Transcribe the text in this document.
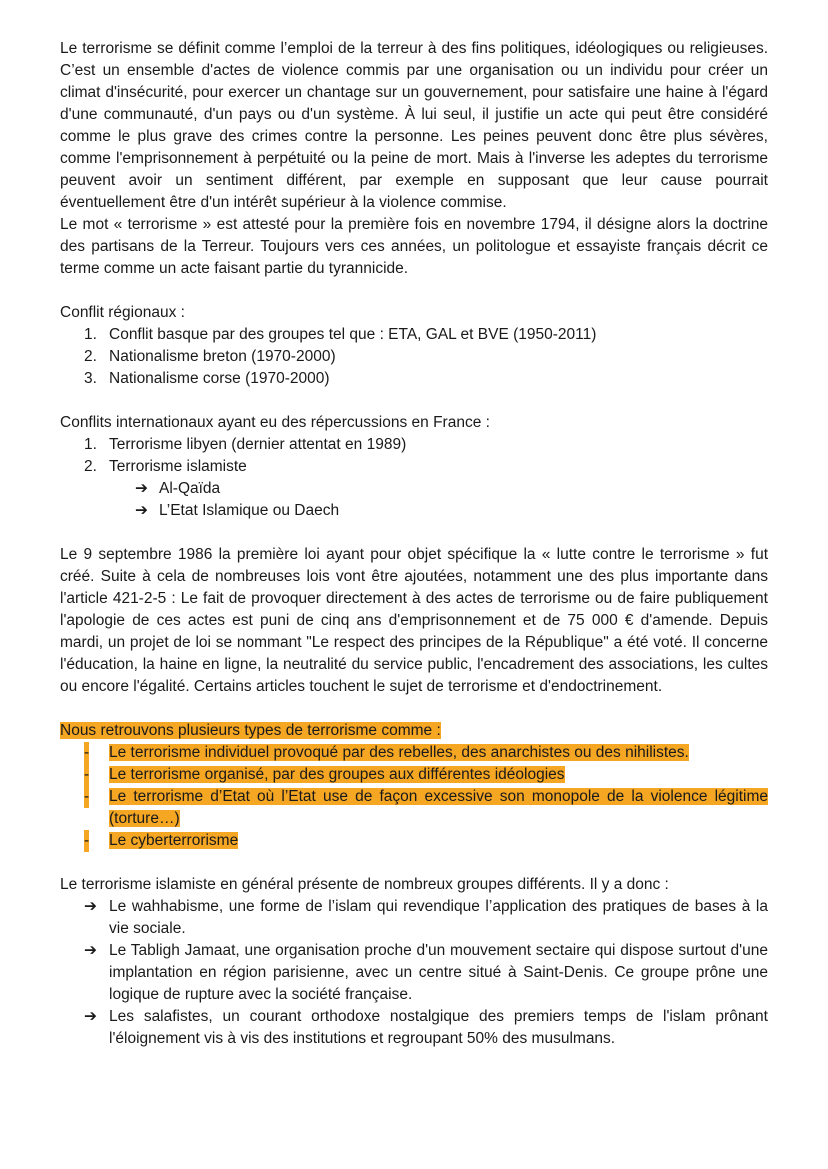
Le terrorisme se définit comme l’emploi de la terreur à des fins politiques, idéologiques ou religieuses. C’est un ensemble d'actes de violence commis par une organisation ou un individu pour créer un climat d'insécurité, pour exercer un chantage sur un gouvernement, pour satisfaire une haine à l'égard d'une communauté, d'un pays ou d'un système. À lui seul, il justifie un acte qui peut être considéré comme le plus grave des crimes contre la personne. Les peines peuvent donc être plus sévères, comme l'emprisonnement à perpétuité ou la peine de mort. Mais à l'inverse les adeptes du terrorisme peuvent avoir un sentiment différent, par exemple en supposant que leur cause pourrait éventuellement être d'un intérêt supérieur à la violence commise.

Le mot « terrorisme » est attesté pour la première fois en novembre 1794, il désigne alors la doctrine des partisans de la Terreur. Toujours vers ces années, un politologue et essayiste français décrit ce terme comme un acte faisant partie du tyrannicide.

Conflit régionaux :

1. Conflit basque par des groupes tel que : ETA, GAL et BVE (1950-2011)
2. Nationalisme breton (1970-2000)
3. Nationalisme corse (1970-2000)

Conflits internationaux ayant eu des répercussions en France :

1. Terrorisme libyen (dernier attentat en 1989)
2. Terrorisme islamiste
➔ Al-Qaïda
➔ L’Etat Islamique ou Daech

Le 9 septembre 1986 la première loi ayant pour objet spécifique la « lutte contre le terrorisme » fut créé. Suite à cela de nombreuses lois vont être ajoutées, notamment une des plus importante dans l'article 421-2-5 : Le fait de provoquer directement à des actes de terrorisme ou de faire publiquement l'apologie de ces actes est puni de cinq ans d'emprisonnement et de 75 000 € d'amende. Depuis mardi, un projet de loi se nommant "Le respect des principes de la République" a été voté. Il concerne l'éducation, la haine en ligne, la neutralité du service public, l'encadrement des associations, les cultes ou encore l'égalité. Certains articles touchent le sujet de terrorisme et d'endoctrinement.

Nous retrouvons plusieurs types de terrorisme comme :

- Le terrorisme individuel provoqué par des rebelles, des anarchistes ou des nihilistes.
- Le terrorisme organisé, par des groupes aux différentes idéologies
- Le terrorisme d’Etat où l’Etat use de façon excessive son monopole de la violence légitime (torture…)
- Le cyberterrorisme

Le terrorisme islamiste en général présente de nombreux groupes différents. Il y a donc :

➔ Le wahhabisme, une forme de l’islam qui revendique l’application des pratiques de bases à la vie sociale.
➔ Le Tabligh Jamaat, une organisation proche d'un mouvement sectaire qui dispose surtout d'une implantation en région parisienne, avec un centre situé à Saint-Denis. Ce groupe prône une logique de rupture avec la société française.
➔ Les salafistes, un courant orthodoxe nostalgique des premiers temps de l'islam prônant l'éloignement vis à vis des institutions et regroupant 50% des musulmans.
